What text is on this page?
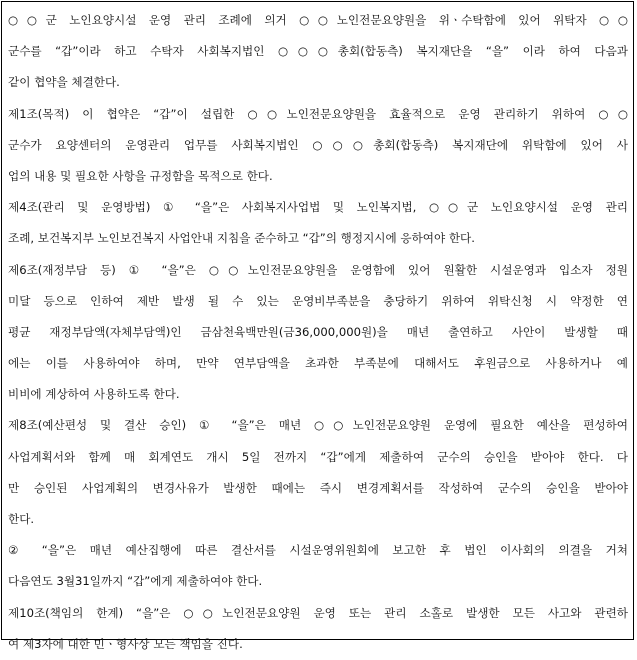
○○군 노인요양시설 운영 관리 조례에 의거 ○○노인전문요양원을 위ㆍ수탁함에 있어 위탁자 ○○
군수를 “갑”이라 하고 수탁자 사회복지법인 ○○○총회(합동측) 복지재단을 “을” 이라 하여 다음과
같이 협약을 체결한다.
제1조(목적) 이 협약은 “갑”이 설립한 ○○노인전문요양원을 효율적으로 운영 관리하기 위하여 ○○
군수가 요양센터의 운영관리 업무를 사회복지법인 ○○○총회(합동측) 복지재단에 위탁함에 있어 사
업의 내용 및 필요한 사항을 규정함을 목적으로 한다.
제4조(관리 및 운영방법) ① “을”은 사회복지사업법 및 노인복지법, ○○군 노인요양시설 운영 관리
조례, 보건복지부 노인보건복지 사업안내 지침을 준수하고 “갑”의 행정지시에 응하여야 한다.
제6조(재정부담 등) ① “을”은 ○○노인전문요양원을 운영함에 있어 원활한 시설운영과 입소자 정원
미달 등으로 인하여 제반 발생 될 수 있는 운영비부족분을 충당하기 위하여 위탁신청 시 약정한 연
평균 재정부담액(자체부담액)인 금삼천육백만원(금36,000,000원)을 매년 출연하고 사안이 발생할 때
에는 이를 사용하여야 하며, 만약 연부담액을 초과한 부족분에 대해서도 후원금으로 사용하거나 예
비비에 계상하여 사용하도록 한다.
제8조(예산편성 및 결산 승인) ① “을”은 매년 ○○노인전문요양원 운영에 필요한 예산을 편성하여
사업계획서와 함께 매 회계연도 개시 5일 전까지 “갑”에게 제출하여 군수의 승인을 받아야 한다. 다
만 승인된 사업계획의 변경사유가 발생한 때에는 즉시 변경계획서를 작성하여 군수의 승인을 받아야
한다.
② “을”은 매년 예산집행에 따른 결산서를 시설운영위원회에 보고한 후 법인 이사회의 의결을 거쳐
다음연도 3월31일까지 “갑”에게 제출하여야 한다.
제10조(책임의 한계) “을”은 ○○노인전문요양원 운영 또는 관리 소홀로 발생한 모든 사고와 관련하
여 제3자에 대한 민ㆍ형사상 모든 책임을 진다.
